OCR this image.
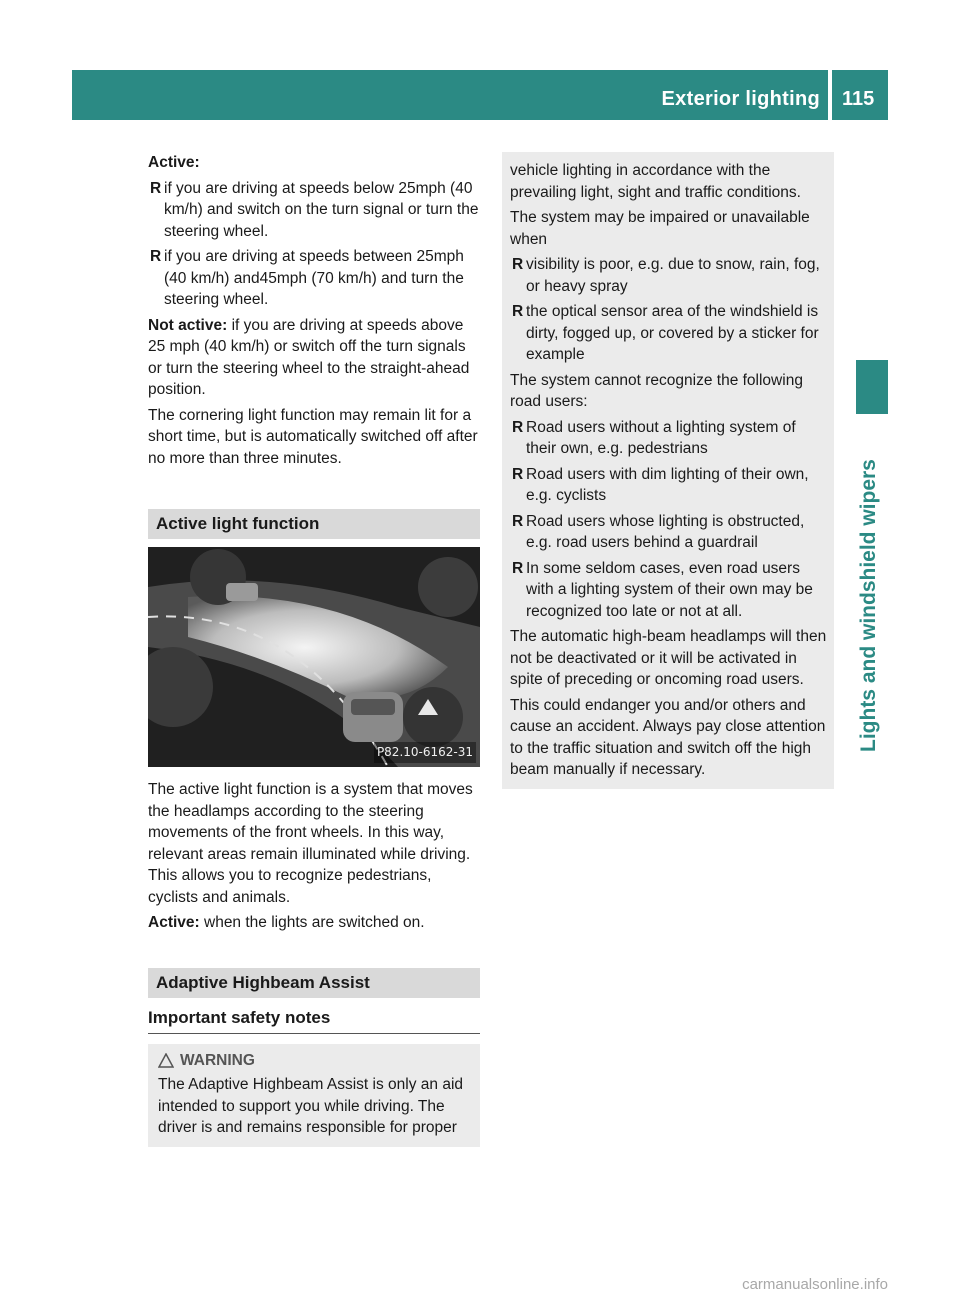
Exterior lighting 115
Lights and windshield wipers

Active:

R if you are driving at speeds below 25mph (40 km/h) and switch on the turn signal or turn the steering wheel.
R if you are driving at speeds between 25mph (40 km/h) and45mph (70 km/h) and turn the steering wheel.

Not active: if you are driving at speeds above 25 mph (40 km/h) or switch off the turn signals or turn the steering wheel to the straight-ahead position.

The cornering light function may remain lit for a short time, but is automatically switched off after no more than three minutes.

Active light function
P82.10-6162-31

The active light function is a system that moves the headlamps according to the steering movements of the front wheels. In this way, relevant areas remain illuminated while driving. This allows you to recognize pedestrians, cyclists and animals.

Active: when the lights are switched on.

Adaptive Highbeam Assist
Important safety notes
WARNING
The Adaptive Highbeam Assist is only an aid intended to support you while driving. The driver is and remains responsible for proper

vehicle lighting in accordance with the prevailing light, sight and traffic conditions.

The system may be impaired or unavailable when

R visibility is poor, e.g. due to snow, rain, fog, or heavy spray
R the optical sensor area of the windshield is dirty, fogged up, or covered by a sticker for example

The system cannot recognize the following road users:

R Road users without a lighting system of their own, e.g. pedestrians
R Road users with dim lighting of their own, e.g. cyclists
R Road users whose lighting is obstructed, e.g. road users behind a guardrail
R In some seldom cases, even road users with a lighting system of their own may be recognized too late or not at all.

The automatic high-beam headlamps will then not be deactivated or it will be activated in spite of preceding or oncoming road users.

This could endanger you and/or others and cause an accident. Always pay close attention to the traffic situation and switch off the high beam manually if necessary.

carmanualsonline.info
